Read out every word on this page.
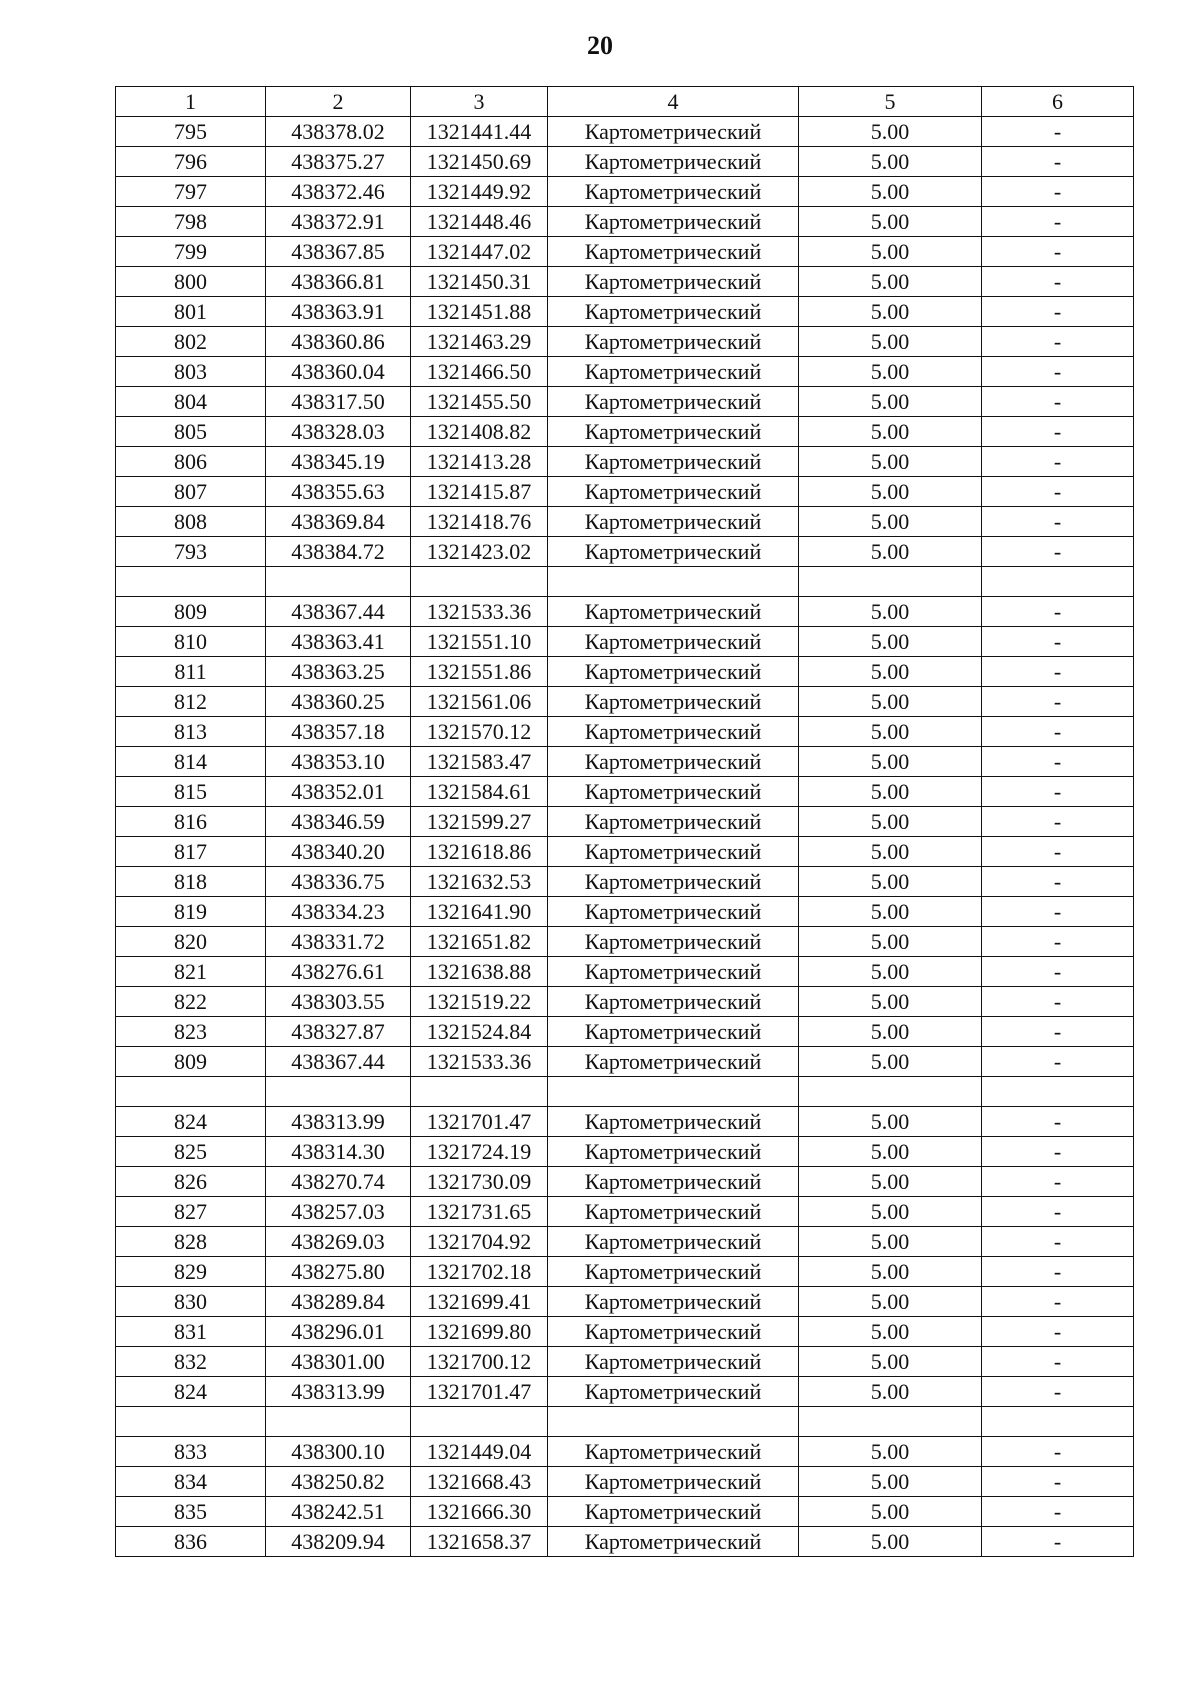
20
1	2	3	4	5	6
795	438378.02	1321441.44	Картометрический	5.00	-
796	438375.27	1321450.69	Картометрический	5.00	-
797	438372.46	1321449.92	Картометрический	5.00	-
798	438372.91	1321448.46	Картометрический	5.00	-
799	438367.85	1321447.02	Картометрический	5.00	-
800	438366.81	1321450.31	Картометрический	5.00	-
801	438363.91	1321451.88	Картометрический	5.00	-
802	438360.86	1321463.29	Картометрический	5.00	-
803	438360.04	1321466.50	Картометрический	5.00	-
804	438317.50	1321455.50	Картометрический	5.00	-
805	438328.03	1321408.82	Картометрический	5.00	-
806	438345.19	1321413.28	Картометрический	5.00	-
807	438355.63	1321415.87	Картометрический	5.00	-
808	438369.84	1321418.76	Картометрический	5.00	-
793	438384.72	1321423.02	Картометрический	5.00	-

809	438367.44	1321533.36	Картометрический	5.00	-
810	438363.41	1321551.10	Картометрический	5.00	-
811	438363.25	1321551.86	Картометрический	5.00	-
812	438360.25	1321561.06	Картометрический	5.00	-
813	438357.18	1321570.12	Картометрический	5.00	-
814	438353.10	1321583.47	Картометрический	5.00	-
815	438352.01	1321584.61	Картометрический	5.00	-
816	438346.59	1321599.27	Картометрический	5.00	-
817	438340.20	1321618.86	Картометрический	5.00	-
818	438336.75	1321632.53	Картометрический	5.00	-
819	438334.23	1321641.90	Картометрический	5.00	-
820	438331.72	1321651.82	Картометрический	5.00	-
821	438276.61	1321638.88	Картометрический	5.00	-
822	438303.55	1321519.22	Картометрический	5.00	-
823	438327.87	1321524.84	Картометрический	5.00	-
809	438367.44	1321533.36	Картометрический	5.00	-

824	438313.99	1321701.47	Картометрический	5.00	-
825	438314.30	1321724.19	Картометрический	5.00	-
826	438270.74	1321730.09	Картометрический	5.00	-
827	438257.03	1321731.65	Картометрический	5.00	-
828	438269.03	1321704.92	Картометрический	5.00	-
829	438275.80	1321702.18	Картометрический	5.00	-
830	438289.84	1321699.41	Картометрический	5.00	-
831	438296.01	1321699.80	Картометрический	5.00	-
832	438301.00	1321700.12	Картометрический	5.00	-
824	438313.99	1321701.47	Картометрический	5.00	-

833	438300.10	1321449.04	Картометрический	5.00	-
834	438250.82	1321668.43	Картометрический	5.00	-
835	438242.51	1321666.30	Картометрический	5.00	-
836	438209.94	1321658.37	Картометрический	5.00	-
